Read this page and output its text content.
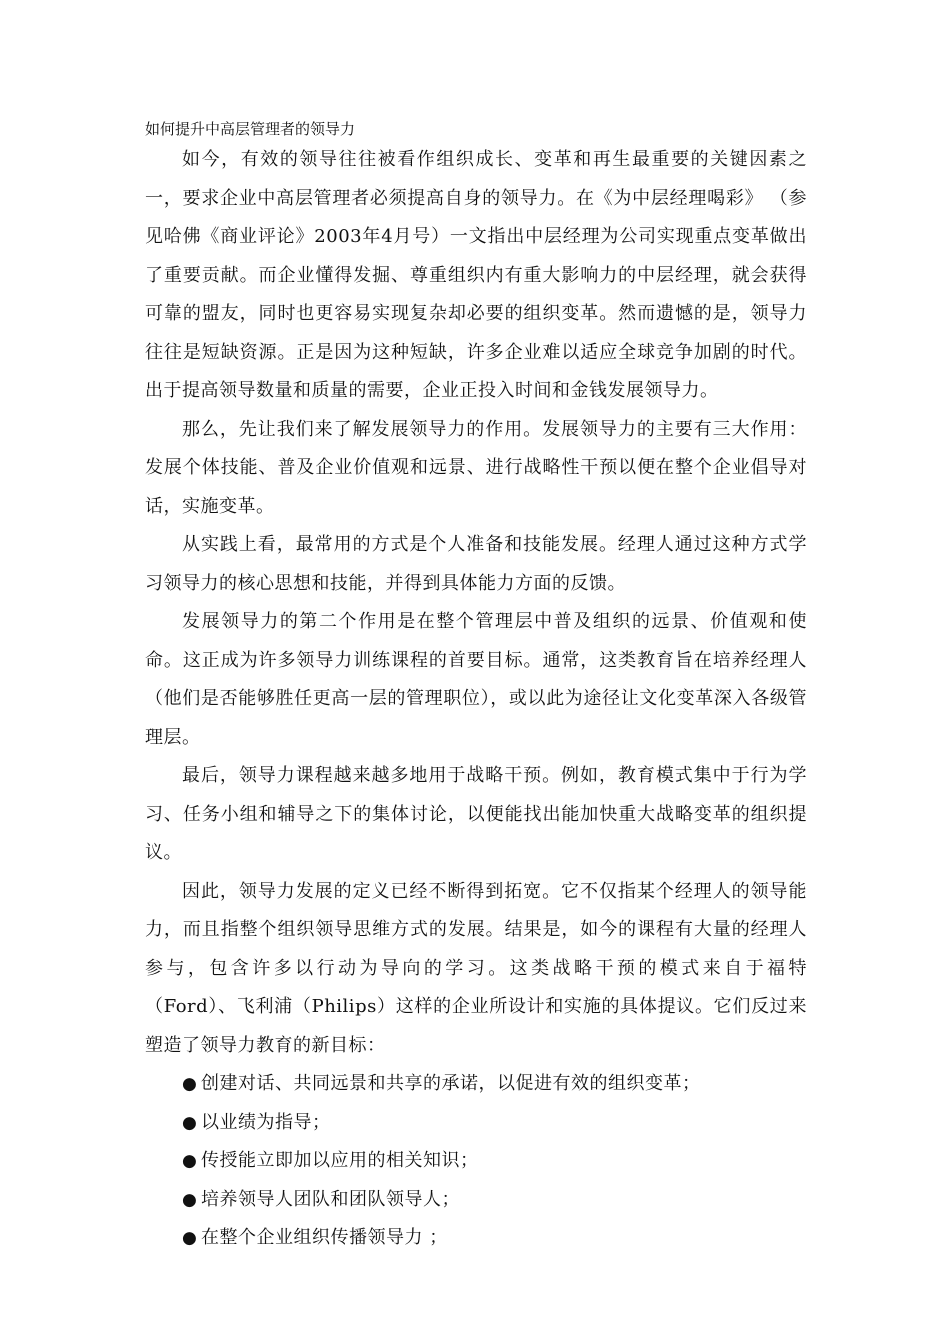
如何提升中高层管理者的领导力

如今，有效的领导往往被看作组织成长、变革和再生最重要的关键因素之一，要求企业中高层管理者必须提高自身的领导力。在《为中层经理喝彩》 （参见哈佛《商业评论》2003年4月号）一文指出中层经理为公司实现重点变革做出了重要贡献。而企业懂得发掘、尊重组织内有重大影响力的中层经理，就会获得可靠的盟友，同时也更容易实现复杂却必要的组织变革。然而遗憾的是，领导力往往是短缺资源。正是因为这种短缺，许多企业难以适应全球竞争加剧的时代。出于提高领导数量和质量的需要，企业正投入时间和金钱发展领导力。

那么，先让我们来了解发展领导力的作用。发展领导力的主要有三大作用：发展个体技能、普及企业价值观和远景、进行战略性干预以便在整个企业倡导对话，实施变革。

从实践上看，最常用的方式是个人准备和技能发展。经理人通过这种方式学习领导力的核心思想和技能，并得到具体能力方面的反馈。

发展领导力的第二个作用是在整个管理层中普及组织的远景、价值观和使命。这正成为许多领导力训练课程的首要目标。通常，这类教育旨在培养经理人（他们是否能够胜任更高一层的管理职位），或以此为途径让文化变革深入各级管理层。

最后，领导力课程越来越多地用于战略干预。例如，教育模式集中于行为学习、任务小组和辅导之下的集体讨论，以便能找出能加快重大战略变革的组织提议。

因此，领导力发展的定义已经不断得到拓宽。它不仅指某个经理人的领导能力，而且指整个组织领导思维方式的发展。结果是，如今的课程有大量的经理人参与，包含许多以行动为导向的学习。这类战略干预的模式来自于福特（Ford）、飞利浦（Philips）这样的企业所设计和实施的具体提议。它们反过来塑造了领导力教育的新目标：

● 创建对话、共同远景和共享的承诺，以促进有效的组织变革；
● 以业绩为指导；
● 传授能立即加以应用的相关知识；
● 培养领导人团队和团队领导人；
● 在整个企业组织传播领导力 ；
